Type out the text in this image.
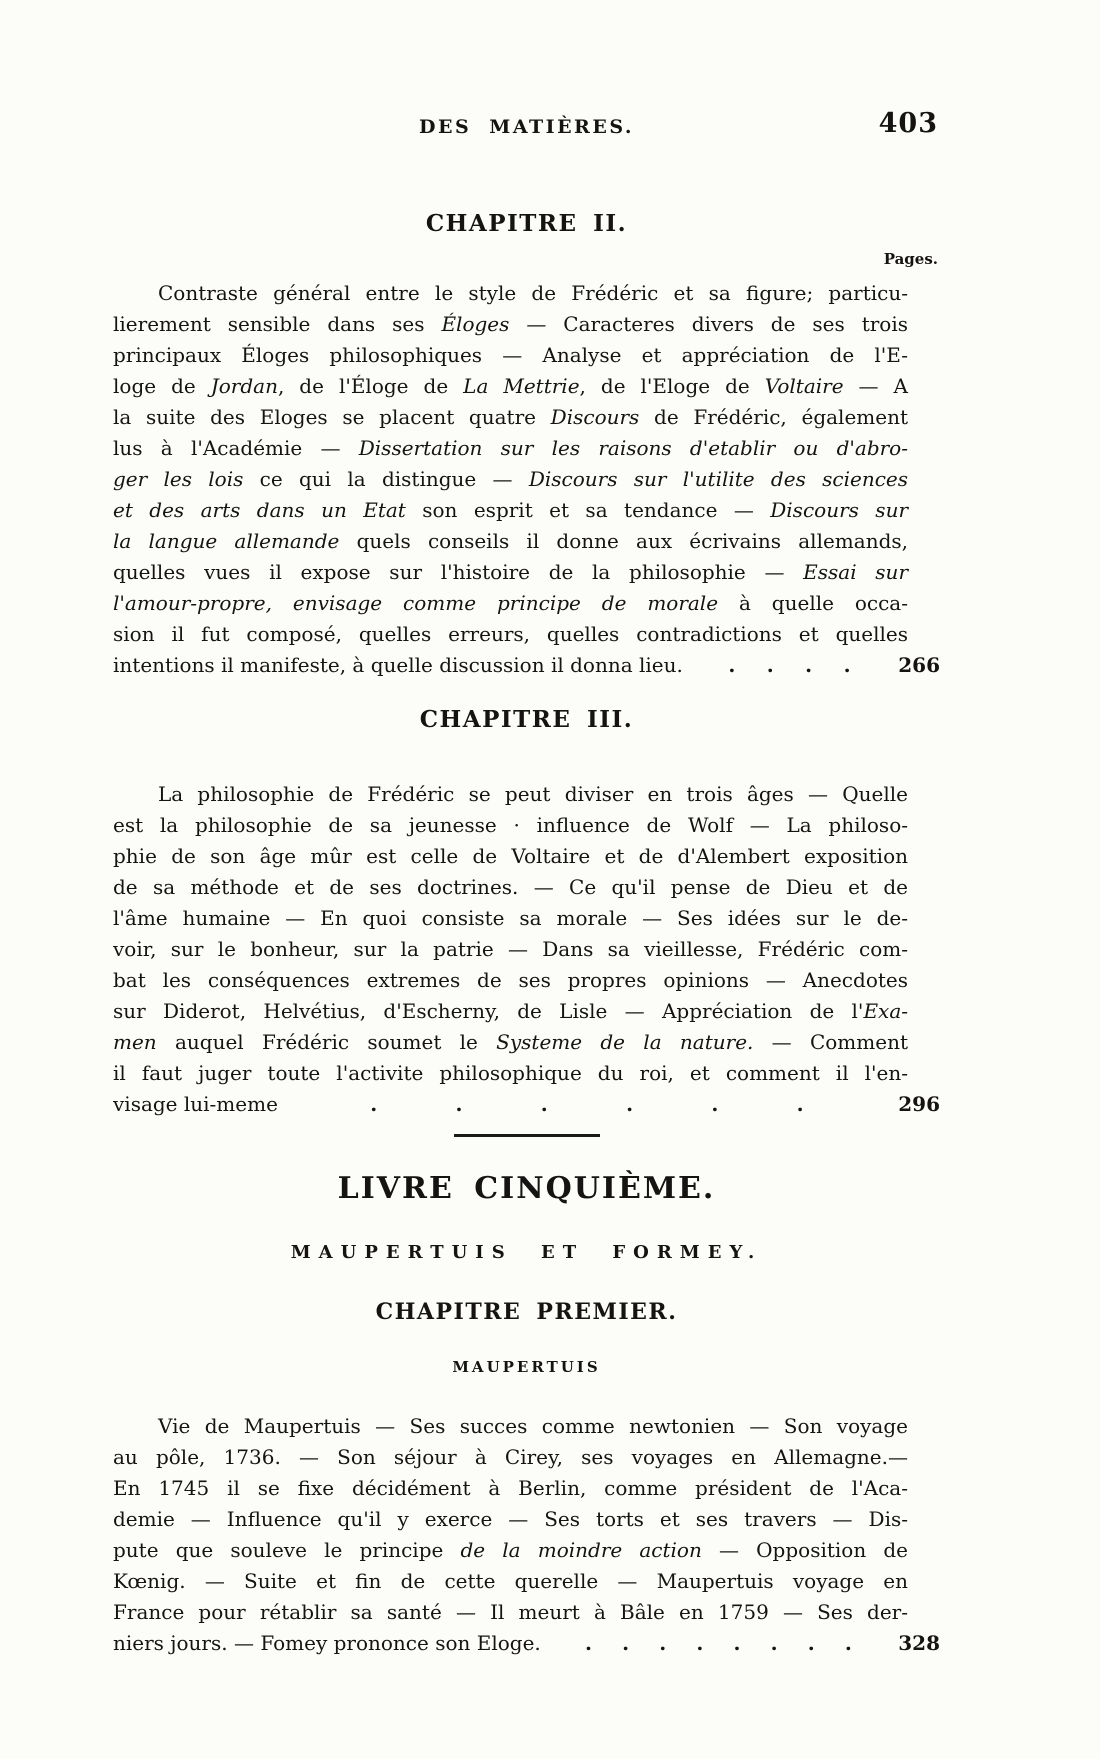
DES MATIÈRES.	403
CHAPITRE II.
Pages.
Contraste général entre le style de Frédéric et sa figure; particu-
lierement sensible dans ses Éloges — Caracteres divers de ses trois
principaux Éloges philosophiques — Analyse et appréciation de l'E-
loge de Jordan, de l'Éloge de La Mettrie, de l'Eloge de Voltaire — A
la suite des Eloges se placent quatre Discours de Frédéric, également
lus à l'Académie — Dissertation sur les raisons d'etablir ou d'abro-
ger les lois ce qui la distingue — Discours sur l'utilite des sciences
et des arts dans un Etat son esprit et sa tendance — Discours sur
la langue allemande quels conseils il donne aux écrivains allemands,
quelles vues il expose sur l'histoire de la philosophie — Essai sur
l'amour-propre, envisage comme principe de morale à quelle occa-
sion il fut composé, quelles erreurs, quelles contradictions et quelles
intentions il manifeste, à quelle discussion il donna lieu. . . . . 266
CHAPITRE III.
La philosophie de Frédéric se peut diviser en trois âges — Quelle
est la philosophie de sa jeunesse · influence de Wolf — La philoso-
phie de son âge mûr est celle de Voltaire et de d'Alembert exposition
de sa méthode et de ses doctrines. — Ce qu'il pense de Dieu et de
l'âme humaine — En quoi consiste sa morale — Ses idées sur le de-
voir, sur le bonheur, sur la patrie — Dans sa vieillesse, Frédéric com-
bat les conséquences extremes de ses propres opinions — Anecdotes
sur Diderot, Helvétius, d'Escherny, de Lisle — Appréciation de l'Exa-
men auquel Frédéric soumet le Systeme de la nature. — Comment
il faut juger toute l'activite philosophique du roi, et comment il l'en-
visage lui-meme	.	.	.	.	.	.	296
LIVRE CINQUIÈME.
MAUPERTUIS ET FORMEY.
CHAPITRE PREMIER.
MAUPERTUIS
Vie de Maupertuis — Ses succes comme newtonien — Son voyage
au pôle, 1736. — Son séjour à Cirey, ses voyages en Allemagne.—
En 1745 il se fixe décidément à Berlin, comme président de l'Aca-
demie — Influence qu'il y exerce — Ses torts et ses travers — Dis-
pute que souleve le principe de la moindre action — Opposition de
Kœnig. — Suite et fin de cette querelle — Maupertuis voyage en
France pour rétablir sa santé — Il meurt à Bâle en 1759 — Ses der-
niers jours. — Fomey prononce son Eloge. . . . . . . . . 328
